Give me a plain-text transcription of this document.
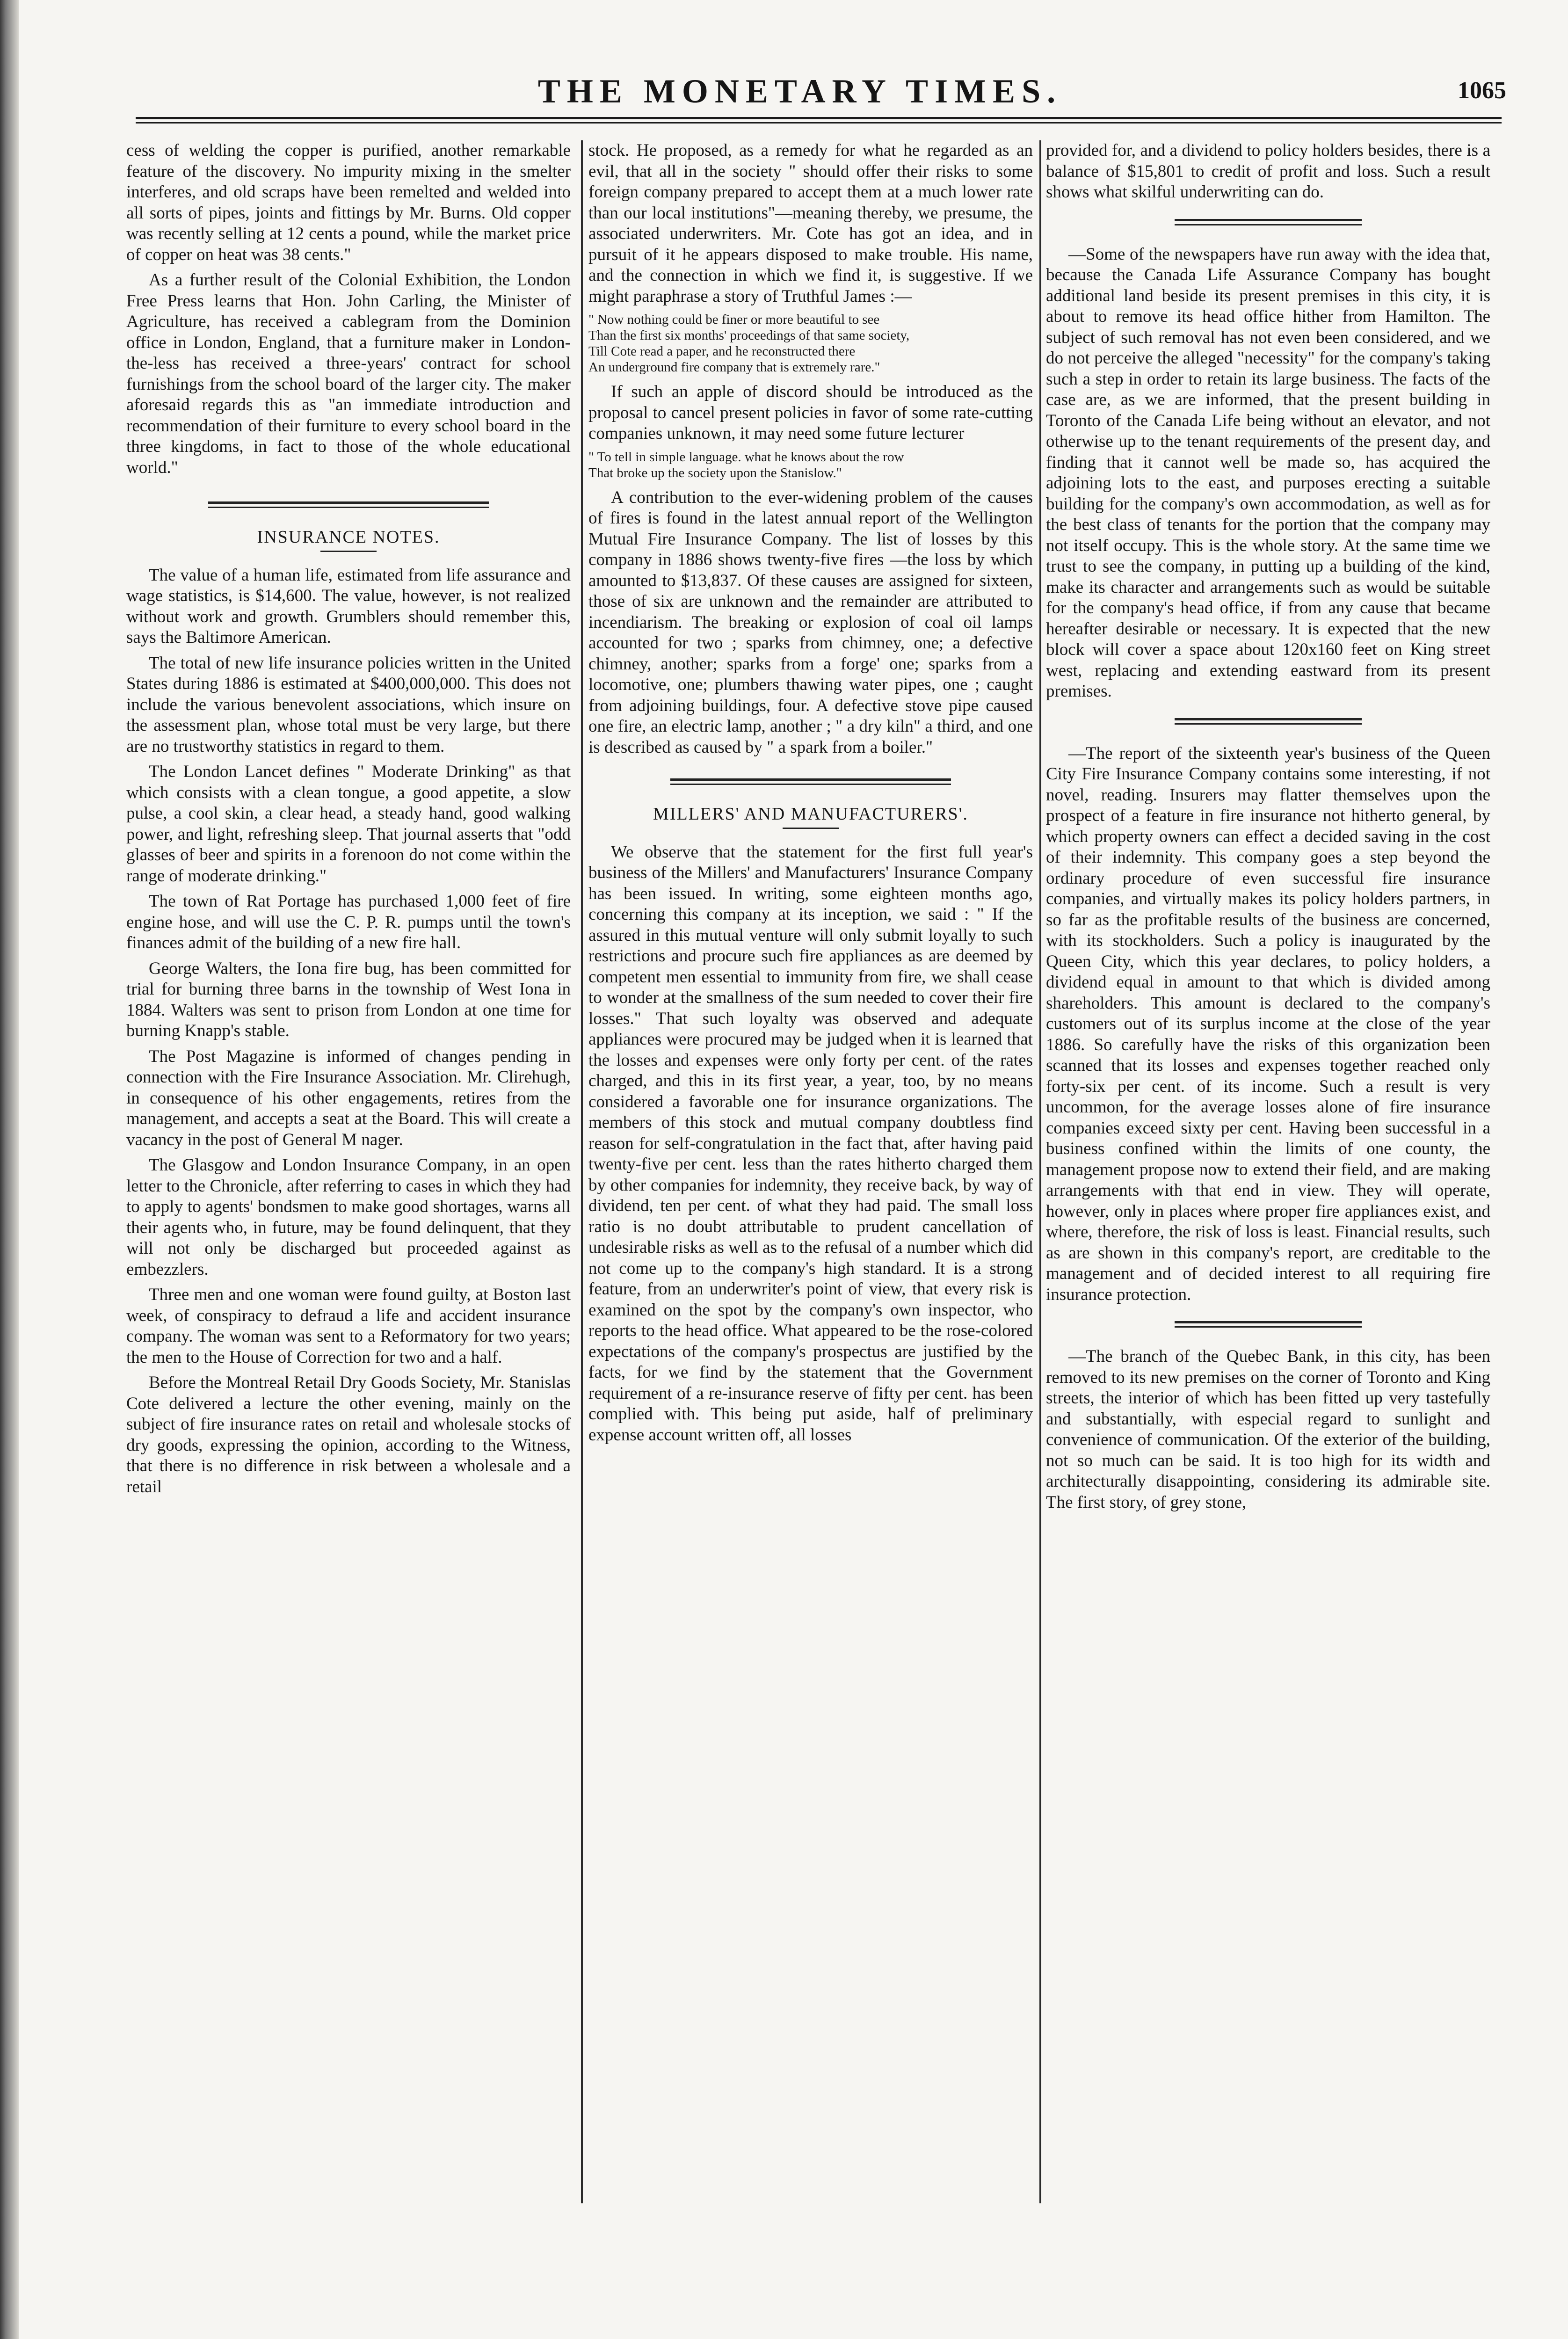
THE MONETARY TIMES.	1065

cess of welding the copper is purified, another remarkable feature of the discovery. No impurity mixing in the smelter interferes, and old scraps have been remelted and welded into all sorts of pipes, joints and fittings by Mr. Burns. Old copper was recently selling at 12 cents a pound, while the market price of copper on heat was 38 cents."

As a further result of the Colonial Exhibition, the London Free Press learns that Hon. John Carling, the Minister of Agriculture, has received a cablegram from the Dominion office in London, England, that a furniture maker in London-the-less has received a three-years' contract for school furnishings from the school board of the larger city. The maker aforesaid regards this as "an immediate introduction and recommendation of their furniture to every school board in the three kingdoms, in fact to those of the whole educational world."

INSURANCE NOTES.

The value of a human life, estimated from life assurance and wage statistics, is $14,600. The value, however, is not realized without work and growth. Grumblers should remember this, says the Baltimore American.

The total of new life insurance policies written in the United States during 1886 is estimated at $400,000,000. This does not include the various benevolent associations, which insure on the assessment plan, whose total must be very large, but there are no trustworthy statistics in regard to them.

The London Lancet defines " Moderate Drinking" as that which consists with a clean tongue, a good appetite, a slow pulse, a cool skin, a clear head, a steady hand, good walking power, and light, refreshing sleep. That journal asserts that "odd glasses of beer and spirits in a forenoon do not come within the range of moderate drinking."

The town of Rat Portage has purchased 1,000 feet of fire engine hose, and will use the C. P. R. pumps until the town's finances admit of the building of a new fire hall.

George Walters, the Iona fire bug, has been committed for trial for burning three barns in the township of West Iona in 1884. Walters was sent to prison from London at one time for burning Knapp's stable.

The Post Magazine is informed of changes pending in connection with the Fire Insurance Association. Mr. Clirehugh, in consequence of his other engagements, retires from the management, and accepts a seat at the Board. This will create a vacancy in the post of General M nager.

The Glasgow and London Insurance Company, in an open letter to the Chronicle, after referring to cases in which they had to apply to agents' bondsmen to make good shortages, warns all their agents who, in future, may be found delinquent, that they will not only be discharged but proceeded against as embezzlers.

Three men and one woman were found guilty, at Boston last week, of conspiracy to defraud a life and accident insurance company. The woman was sent to a Reformatory for two years; the men to the House of Correction for two and a half.

Before the Montreal Retail Dry Goods Society, Mr. Stanislas Cote delivered a lecture the other evening, mainly on the subject of fire insurance rates on retail and wholesale stocks of dry goods, expressing the opinion, according to the Witness, that there is no difference in risk between a wholesale and a retail

stock. He proposed, as a remedy for what he regarded as an evil, that all in the society " should offer their risks to some foreign company prepared to accept them at a much lower rate than our local institutions"—meaning thereby, we presume, the associated underwriters. Mr. Cote has got an idea, and in pursuit of it he appears disposed to make trouble. His name, and the connection in which we find it, is suggestive. If we might paraphrase a story of Truthful James :—

" Now nothing could be finer or more beautiful to see
Than the first six months' proceedings of that same society,
Till Cote read a paper, and he reconstructed there
An underground fire company that is extremely rare."

If such an apple of discord should be introduced as the proposal to cancel present policies in favor of some rate-cutting companies unknown, it may need some future lecturer

" To tell in simple language. what he knows about the row
That broke up the society upon the Stanislow."

A contribution to the ever-widening problem of the causes of fires is found in the latest annual report of the Wellington Mutual Fire Insurance Company. The list of losses by this company in 1886 shows twenty-five fires —the loss by which amounted to $13,837. Of these causes are assigned for sixteen, those of six are unknown and the remainder are attributed to incendiarism. The breaking or explosion of coal oil lamps accounted for two ; sparks from chimney, one; a defective chimney, another; sparks from a forge' one; sparks from a locomotive, one; plumbers thawing water pipes, one ; caught from adjoining buildings, four. A defective stove pipe caused one fire, an electric lamp, another ; " a dry kiln" a third, and one is described as caused by " a spark from a boiler."

MILLERS' AND MANUFACTURERS'.

We observe that the statement for the first full year's business of the Millers' and Manufacturers' Insurance Company has been issued. In writing, some eighteen months ago, concerning this company at its inception, we said : " If the assured in this mutual venture will only submit loyally to such restrictions and procure such fire appliances as are deemed by competent men essential to immunity from fire, we shall cease to wonder at the smallness of the sum needed to cover their fire losses." That such loyalty was observed and adequate appliances were procured may be judged when it is learned that the losses and expenses were only forty per cent. of the rates charged, and this in its first year, a year, too, by no means considered a favorable one for insurance organizations. The members of this stock and mutual company doubtless find reason for self-congratulation in the fact that, after having paid twenty-five per cent. less than the rates hitherto charged them by other companies for indemnity, they receive back, by way of dividend, ten per cent. of what they had paid. The small loss ratio is no doubt attributable to prudent cancellation of undesirable risks as well as to the refusal of a number which did not come up to the company's high standard. It is a strong feature, from an underwriter's point of view, that every risk is examined on the spot by the company's own inspector, who reports to the head office. What appeared to be the rose-colored expectations of the company's prospectus are justified by the facts, for we find by the statement that the Government requirement of a re-insurance reserve of fifty per cent. has been complied with. This being put aside, half of preliminary expense account written off, all losses

provided for, and a dividend to policy holders besides, there is a balance of $15,801 to credit of profit and loss. Such a result shows what skilful underwriting can do.

—Some of the newspapers have run away with the idea that, because the Canada Life Assurance Company has bought additional land beside its present premises in this city, it is about to remove its head office hither from Hamilton. The subject of such removal has not even been considered, and we do not perceive the alleged "necessity" for the company's taking such a step in order to retain its large business. The facts of the case are, as we are informed, that the present building in Toronto of the Canada Life being without an elevator, and not otherwise up to the tenant requirements of the present day, and finding that it cannot well be made so, has acquired the adjoining lots to the east, and purposes erecting a suitable building for the company's own accommodation, as well as for the best class of tenants for the portion that the company may not itself occupy. This is the whole story. At the same time we trust to see the company, in putting up a building of the kind, make its character and arrangements such as would be suitable for the company's head office, if from any cause that became hereafter desirable or necessary. It is expected that the new block will cover a space about 120x160 feet on King street west, replacing and extending eastward from its present premises.

—The report of the sixteenth year's business of the Queen City Fire Insurance Company contains some interesting, if not novel, reading. Insurers may flatter themselves upon the prospect of a feature in fire insurance not hitherto general, by which property owners can effect a decided saving in the cost of their indemnity. This company goes a step beyond the ordinary procedure of even successful fire insurance companies, and virtually makes its policy holders partners, in so far as the profitable results of the business are concerned, with its stockholders. Such a policy is inaugurated by the Queen City, which this year declares, to policy holders, a dividend equal in amount to that which is divided among shareholders. This amount is declared to the company's customers out of its surplus income at the close of the year 1886. So carefully have the risks of this organization been scanned that its losses and expenses together reached only forty-six per cent. of its income. Such a result is very uncommon, for the average losses alone of fire insurance companies exceed sixty per cent. Having been successful in a business confined within the limits of one county, the management propose now to extend their field, and are making arrangements with that end in view. They will operate, however, only in places where proper fire appliances exist, and where, therefore, the risk of loss is least. Financial results, such as are shown in this company's report, are creditable to the management and of decided interest to all requiring fire insurance protection.

—The branch of the Quebec Bank, in this city, has been removed to its new premises on the corner of Toronto and King streets, the interior of which has been fitted up very tastefully and substantially, with especial regard to sunlight and convenience of communication. Of the exterior of the building, not so much can be said. It is too high for its width and architecturally disappointing, considering its admirable site. The first story, of grey stone,
